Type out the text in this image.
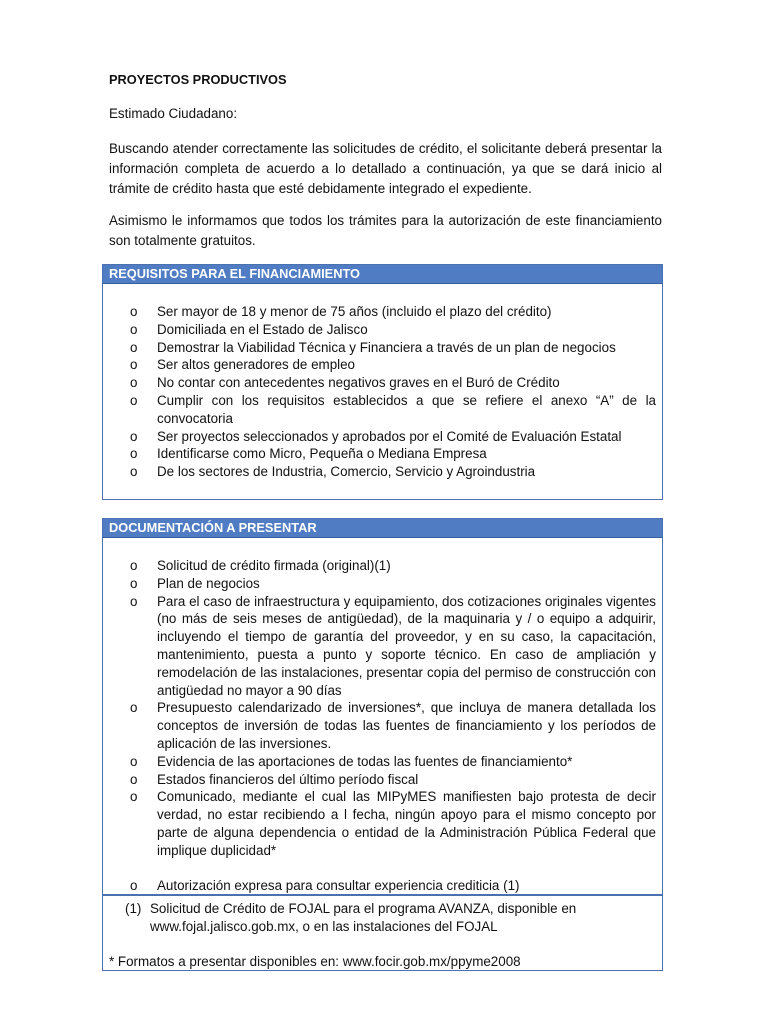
PROYECTOS PRODUCTIVOS
Estimado Ciudadano:
Buscando atender correctamente las solicitudes de crédito, el solicitante deberá presentar la información completa de acuerdo a lo detallado a continuación, ya que se dará inicio al trámite de crédito hasta que esté debidamente integrado el expediente.
Asimismo le informamos que todos los trámites para la autorización de este financiamiento son totalmente gratuitos.
REQUISITOS PARA EL FINANCIAMIENTO
o Ser mayor de 18 y menor de 75 años (incluido el plazo del crédito)
o Domiciliada en el Estado de Jalisco
o Demostrar la Viabilidad Técnica y Financiera a través de un plan de negocios
o Ser altos generadores de empleo
o No contar con antecedentes negativos graves en el Buró de Crédito
o Cumplir con los requisitos establecidos a que se refiere el anexo “A” de la convocatoria
o Ser proyectos seleccionados y aprobados por el Comité de Evaluación Estatal
o Identificarse como Micro, Pequeña o Mediana Empresa
o De los sectores de Industria, Comercio, Servicio y Agroindustria
DOCUMENTACIÓN A PRESENTAR
o Solicitud de crédito firmada (original)(1)
o Plan de negocios
o Para el caso de infraestructura y equipamiento, dos cotizaciones originales vigentes (no más de seis meses de antigüedad), de la maquinaria y / o equipo a adquirir, incluyendo el tiempo de garantía del proveedor, y en su caso, la capacitación, mantenimiento, puesta a punto y soporte técnico. En caso de ampliación y remodelación de las instalaciones, presentar copia del permiso de construcción con antigüedad no mayor a 90 días
o Presupuesto calendarizado de inversiones*, que incluya de manera detallada los conceptos de inversión de todas las fuentes de financiamiento y los períodos de aplicación de las inversiones.
o Evidencia de las aportaciones de todas las fuentes de financiamiento*
o Estados financieros del último período fiscal
o Comunicado, mediante el cual las MIPyMES manifiesten bajo protesta de decir verdad, no estar recibiendo a l fecha, ningún apoyo para el mismo concepto por parte de alguna dependencia o entidad de la Administración Pública Federal que implique duplicidad*
o Autorización expresa para consultar experiencia crediticia (1)
(1) Solicitud de Crédito de FOJAL para el programa AVANZA, disponible en www.fojal.jalisco.gob.mx, o en las instalaciones del FOJAL
* Formatos a presentar disponibles en: www.focir.gob.mx/ppyme2008
